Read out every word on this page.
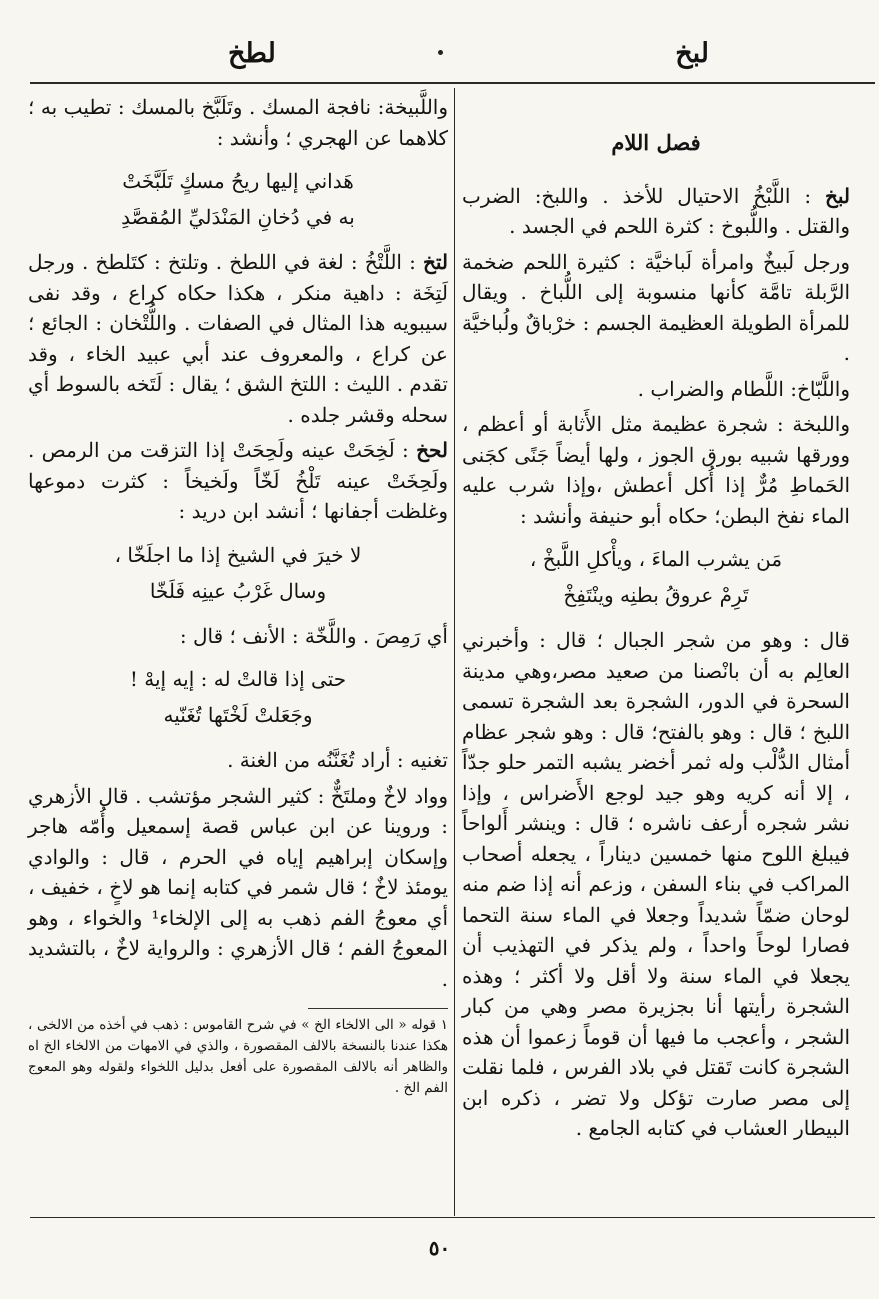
لبخ
لطخ

فصل اللام

لبخ : اللَّبْخُ الاحتيال للأخذ . واللبخ: الضرب والقتل . واللُّبوخ : كثرة اللحم في الجسد .

ورجل لَبيخٌ وامرأة لَباخيَّة : كثيرة اللحم ضخمة الرَّبلة تامَّة كأنها منسوبة إلى اللُّباخ . ويقال للمرأة الطويلة العظيمة الجسم : خرْباقٌ ولُباخيَّة .

واللَّبّاخ: اللَّطام والضراب .

واللبخة : شجرة عظيمة مثل الأَثابة أو أعظم ، وورقها شبيه بورق الجوز ، ولها أيضاً جَنًى كجَنى الحَماطِ مُرٌّ إذا أُكل أعطش ،وإذا شرب عليه الماء نفخ البطن؛ حكاه أبو حنيفة وأنشد :

مَن يشرب الماءَ ، ويأْكلِ اللَّبخْ ،
تَرِمْ عروقُ بطنِه وينْتَفِخْ

قال : وهو من شجر الجبال ؛ قال : وأخبرني العالِم به أن بانْصنا من صعيد مصر،وهي مدينة السحرة في الدور، الشجرة بعد الشجرة تسمى اللبخ ؛ قال : وهو بالفتح؛ قال : وهو شجر عظام أمثال الدُّلْب وله ثمر أخضر يشبه التمر حلو جدّاً ، إلا أنه كريه وهو جيد لوجع الأَضراس ، وإذا نشر شجره أرعف ناشره ؛ قال : وينشر أَلواحاً فيبلغ اللوح منها خمسين ديناراً ، يجعله أصحاب المراكب في بناء السفن ، وزعم أنه إذا ضم منه لوحان ضمّاً شديداً وجعلا في الماء سنة التحما فصارا لوحاً واحداً ، ولم يذكر في التهذيب أن يجعلا في الماء سنة ولا أقل ولا أكثر ؛ وهذه الشجرة رأيتها أنا بجزيرة مصر وهي من كبار الشجر ، وأعجب ما فيها أن قوماً زعموا أن هذه الشجرة كانت تَقتل في بلاد الفرس ، فلما نقلت إلى مصر صارت تؤكل ولا تضر ، ذكره ابن البيطار العشاب في كتابه الجامع .

واللَّبيخة: نافجة المسك . وتَلَبَّخ بالمسك : تطيب به ؛ كلاهما عن الهجري ؛ وأنشد :

هَداني إليها ريحُ مسكٍ تَلَبَّخَتْ
به في دُخانِ المَنْدَليِّ المُقصَّدِ

لتخ : اللَّتْخُ : لغة في اللطخ . وتلتخ : كتَلطخ . ورجل لَتِخَة : داهية منكر ، هكذا حكاه كراع ، وقد نفى سيبويه هذا المثال في الصفات . واللُّتْخان : الجائع ؛ عن كراع ، والمعروف عند أبي عبيد الخاء ، وقد تقدم . الليث : اللتخ الشق ؛ يقال : لَتَخه بالسوط أي سحله وقشر جلده .

لحخ : لَخِحَتْ عينه ولَحِحَتْ إذا التزقت من الرمص . ولَحِخَتْ عينه تَلْخُ لَخّاً ولَخيخاً : كثرت دموعها وغلظت أجفانها ؛ أنشد ابن دريد :

لا خيرَ في الشيخ إذا ما اجلَخّا ،
وسال غَرْبُ عينِه فَلَخّا

أي رَمِصَ . واللَّخّة : الأنف ؛ قال :

حتى إذا قالتْ له : إيه إيهْ !
وجَعَلتْ لَخْتَها تُغَنّيه

تغنيه : أراد تُغَنَّنُه من الغنة .

وواد لاخٌ وملتَخٌّ : كثير الشجر مؤتشب . قال الأزهري : وروينا عن ابن عباس قصة إسمعيل وأُمّه هاجر وإسكان إبراهيم إياه في الحرم ، قال : والوادي يومئذ لاخٌ ؛ قال شمر في كتابه إنما هو لاخٍ ، خفيف ، أي معوجُ الفم ذهب به إلى الإلخاء¹ والخواء ، وهو المعوجُ الفم ؛ قال الأزهري : والرواية لاخٌ ، بالتشديد .

١ قوله « الى الالخاء الخ » في شرح القاموس : ذهب في أخذه من الالخى ، هكذا عندنا بالنسخة بالالف المقصورة ، والذي في الامهات من الالخاء الخ اه والظاهر أنه بالالف المقصورة على أفعل بدليل اللخواء ولقوله وهو المعوج الفم الخ .

٥٠
